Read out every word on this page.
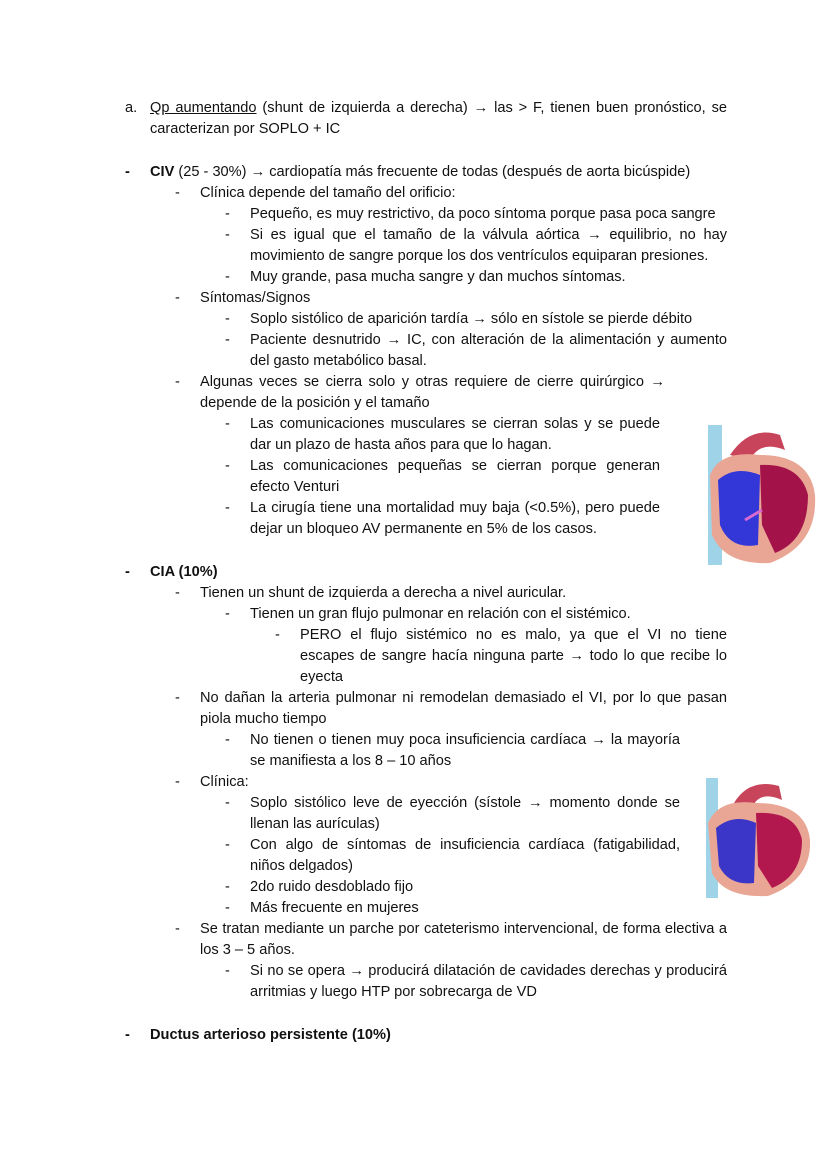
a. Qp aumentando (shunt de izquierda a derecha) → las > F, tienen buen pronóstico, se caracterizan por SOPLO + IC
- CIV (25 - 30%) → cardiopatía más frecuente de todas (después de aorta bicúspide)
- Clínica depende del tamaño del orificio:
- Pequeño, es muy restrictivo, da poco síntoma porque pasa poca sangre
- Si es igual que el tamaño de la válvula aórtica → equilibrio, no hay movimiento de sangre porque los dos ventrículos equiparan presiones.
- Muy grande, pasa mucha sangre y dan muchos síntomas.
- Síntomas/Signos
- Soplo sistólico de aparición tardía → sólo en sístole se pierde débito
- Paciente desnutrido → IC, con alteración de la alimentación y aumento del gasto metabólico basal.
- Algunas veces se cierra solo y otras requiere de cierre quirúrgico → depende de la posición y el tamaño
- Las comunicaciones musculares se cierran solas y se puede dar un plazo de hasta años para que lo hagan.
- Las comunicaciones pequeñas se cierran porque generan efecto Venturi
- La cirugía tiene una mortalidad muy baja (<0.5%), pero puede dejar un bloqueo AV permanente en 5% de los casos.
- CIA (10%)
- Tienen un shunt de izquierda a derecha a nivel auricular.
- Tienen un gran flujo pulmonar en relación con el sistémico.
- PERO el flujo sistémico no es malo, ya que el VI no tiene escapes de sangre hacía ninguna parte → todo lo que recibe lo eyecta
- No dañan la arteria pulmonar ni remodelan demasiado el VI, por lo que pasan piola mucho tiempo
- No tienen o tienen muy poca insuficiencia cardíaca → la mayoría se manifiesta a los 8 – 10 años
- Clínica:
- Soplo sistólico leve de eyección (sístole → momento donde se llenan las aurículas)
- Con algo de síntomas de insuficiencia cardíaca (fatigabilidad, niños delgados)
- 2do ruido desdoblado fijo
- Más frecuente en mujeres
- Se tratan mediante un parche por cateterismo intervencional, de forma electiva a los 3 – 5 años.
- Si no se opera → producirá dilatación de cavidades derechas y producirá arritmias y luego HTP por sobrecarga de VD
- Ductus arterioso persistente (10%)
